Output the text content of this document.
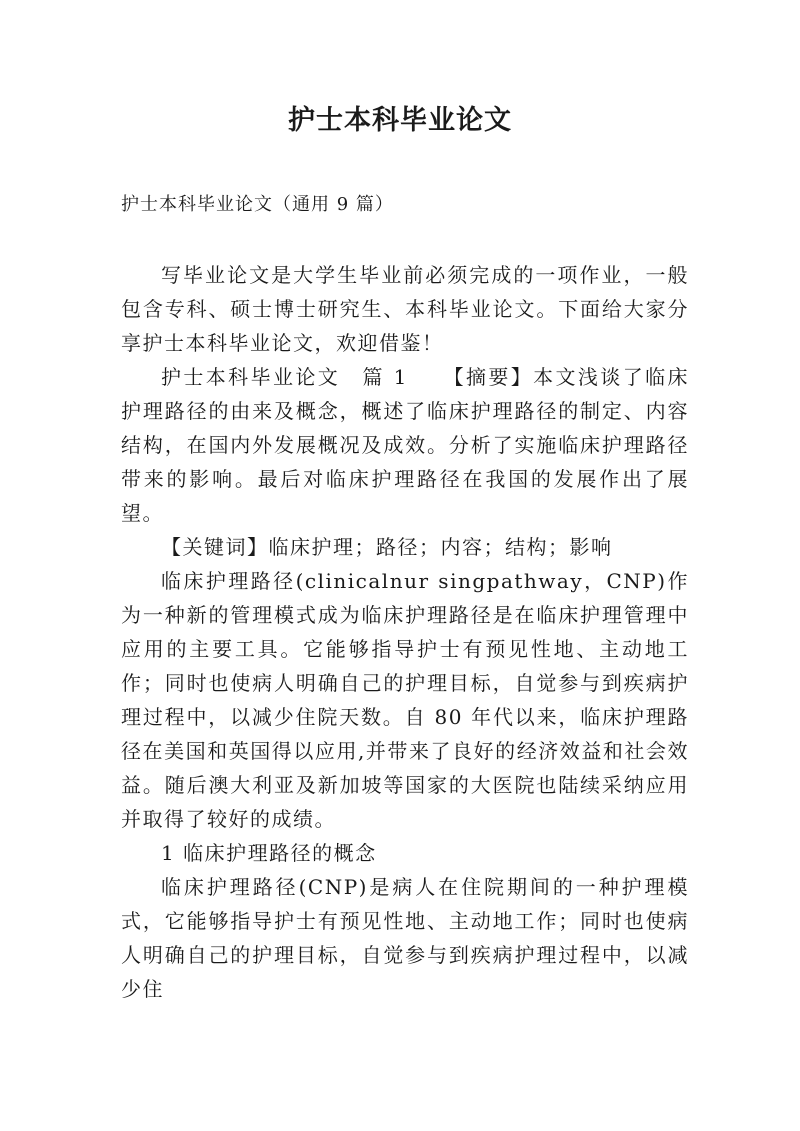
护士本科毕业论文

护士本科毕业论文（通用 9 篇）

写毕业论文是大学生毕业前必须完成的一项作业，一般包含专科、硕士博士研究生、本科毕业论文。下面给大家分享护士本科毕业论文，欢迎借鉴！

护士本科毕业论文　篇 1　　【摘要】本文浅谈了临床护理路径的由来及概念，概述了临床护理路径的制定、内容结构，在国内外发展概况及成效。分析了实施临床护理路径带来的影响。最后对临床护理路径在我国的发展作出了展望。

【关键词】临床护理；路径；内容；结构；影响

临床护理路径(clinicalnur singpathway，CNP)作为一种新的管理模式成为临床护理路径是在临床护理管理中应用的主要工具。它能够指导护士有预见性地、主动地工作；同时也使病人明确自己的护理目标，自觉参与到疾病护理过程中，以减少住院天数。自 80 年代以来，临床护理路径在美国和英国得以应用,并带来了良好的经济效益和社会效益。随后澳大利亚及新加坡等国家的大医院也陆续采纳应用并取得了较好的成绩。

1 临床护理路径的概念

临床护理路径(CNP)是病人在住院期间的一种护理模式，它能够指导护士有预见性地、主动地工作；同时也使病人明确自己的护理目标，自觉参与到疾病护理过程中，以减少住
